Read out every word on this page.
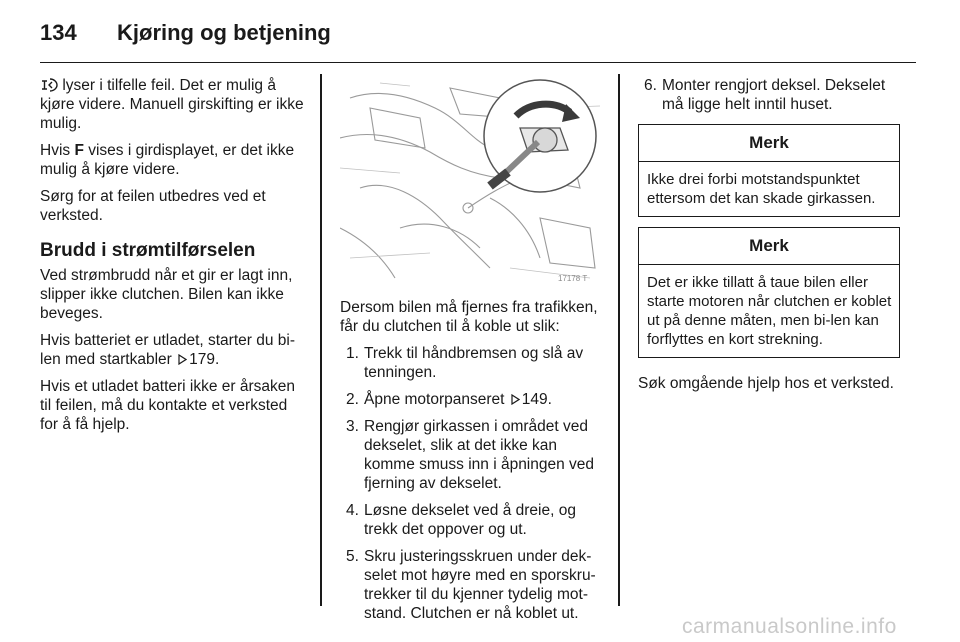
134 Kjøring og betjening

lyser i tilfelle feil. Det er mulig å kjøre videre. Manuell girskifting er ikke mulig.

Hvis F vises i girdisplayet, er det ikke mulig å kjøre videre.

Sørg for at feilen utbedres ved et verksted.

Brudd i strømtilførselen

Ved strømbrudd når et gir er lagt inn, slipper ikke clutchen. Bilen kan ikke beveges.

Hvis batteriet er utladet, starter du bi-len med startkabler 179.

Hvis et utladet batteri ikke er årsaken til feilen, må du kontakte et verksted for å få hjelp.

17178 T

Dersom bilen må fjernes fra trafikken, får du clutchen til å koble ut slik:

1. Trekk til håndbremsen og slå av tenningen.
2. Åpne motorpanseret 149.
3. Rengjør girkassen i området ved dekselet, slik at det ikke kan komme smuss inn i åpningen ved fjerning av dekselet.
4. Løsne dekselet ved å dreie, og trekk det oppover og ut.
5. Skru justeringsskruen under dek-selet mot høyre med en sporskru-trekker til du kjenner tydelig mot-stand. Clutchen er nå koblet ut.
6. Monter rengjort deksel. Dekselet må ligge helt inntil huset.
Merk
Ikke drei forbi motstandspunktet ettersom det kan skade girkassen.
Merk
Det er ikke tillatt å taue bilen eller starte motoren når clutchen er koblet ut på denne måten, men bi-len kan forflyttes en kort strekning.

Søk omgående hjelp hos et verksted.

carmanualsonline.info
